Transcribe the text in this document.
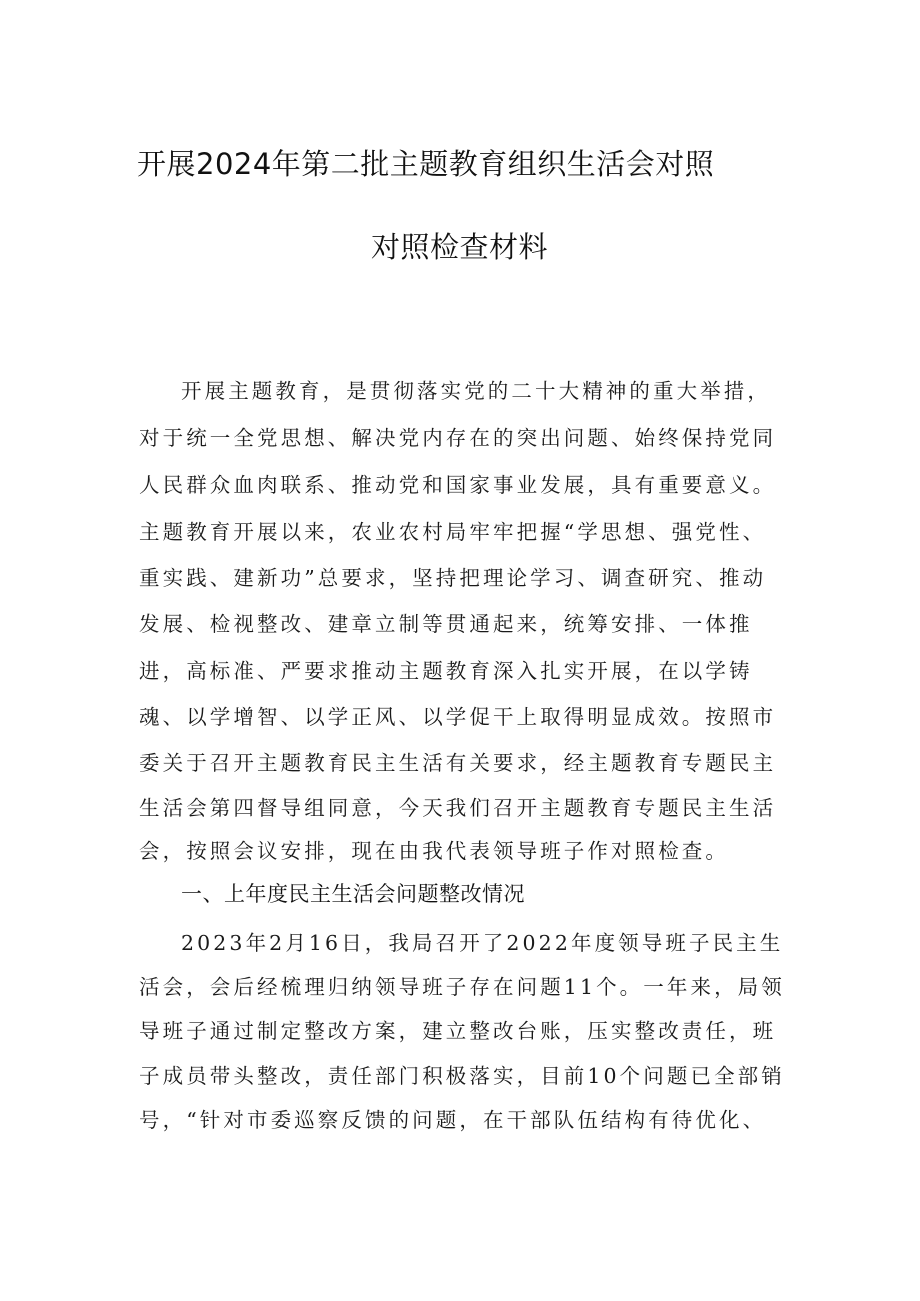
开展2024年第二批主题教育组织生活会对照
对照检查材料
开展主题教育，是贯彻落实党的二十大精神的重大举措，
对于统一全党思想、解决党内存在的突出问题、始终保持党同
人民群众血肉联系、推动党和国家事业发展，具有重要意义。
主题教育开展以来，农业农村局牢牢把握“学思想、强党性、
重实践、建新功”总要求，坚持把理论学习、调查研究、推动
发展、检视整改、建章立制等贯通起来，统筹安排、一体推
进，高标准、严要求推动主题教育深入扎实开展，在以学铸
魂、以学增智、以学正风、以学促干上取得明显成效。按照市
委关于召开主题教育民主生活有关要求，经主题教育专题民主
生活会第四督导组同意，今天我们召开主题教育专题民主生活
会，按照会议安排，现在由我代表领导班子作对照检查。
一、上年度民主生活会问题整改情况
2023年2月16日，我局召开了2022年度领导班子民主生
活会，会后经梳理归纳领导班子存在问题11个。一年来，局领
导班子通过制定整改方案，建立整改台账，压实整改责任，班
子成员带头整改，责任部门积极落实，目前10个问题已全部销
号，“针对市委巡察反馈的问题，在干部队伍结构有待优化、
